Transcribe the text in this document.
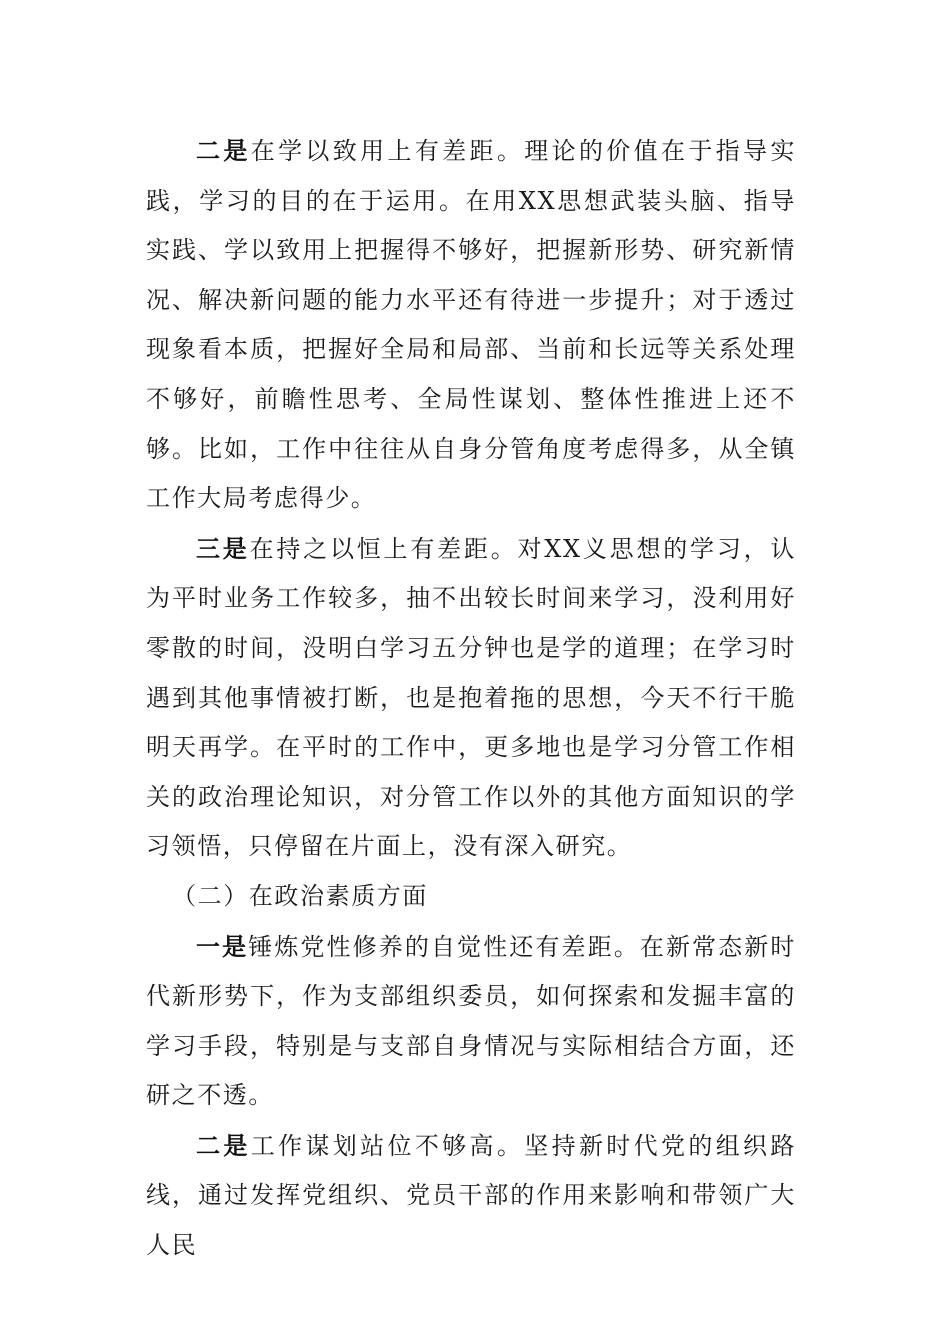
二是在学以致用上有差距。理论的价值在于指导实践，学习的目的在于运用。在用XX思想武装头脑、指导实践、学以致用上把握得不够好，把握新形势、研究新情况、解决新问题的能力水平还有待进一步提升；对于透过现象看本质，把握好全局和局部、当前和长远等关系处理不够好，前瞻性思考、全局性谋划、整体性推进上还不够。比如，工作中往往从自身分管角度考虑得多，从全镇工作大局考虑得少。

三是在持之以恒上有差距。对XX义思想的学习，认为平时业务工作较多，抽不出较长时间来学习，没利用好零散的时间，没明白学习五分钟也是学的道理；在学习时遇到其他事情被打断，也是抱着拖的思想，今天不行干脆明天再学。在平时的工作中，更多地也是学习分管工作相关的政治理论知识，对分管工作以外的其他方面知识的学习领悟，只停留在片面上，没有深入研究。

（二）在政治素质方面

一是锤炼党性修养的自觉性还有差距。在新常态新时代新形势下，作为支部组织委员，如何探索和发掘丰富的学习手段，特别是与支部自身情况与实际相结合方面，还研之不透。

二是工作谋划站位不够高。坚持新时代党的组织路线，通过发挥党组织、党员干部的作用来影响和带领广大人民
